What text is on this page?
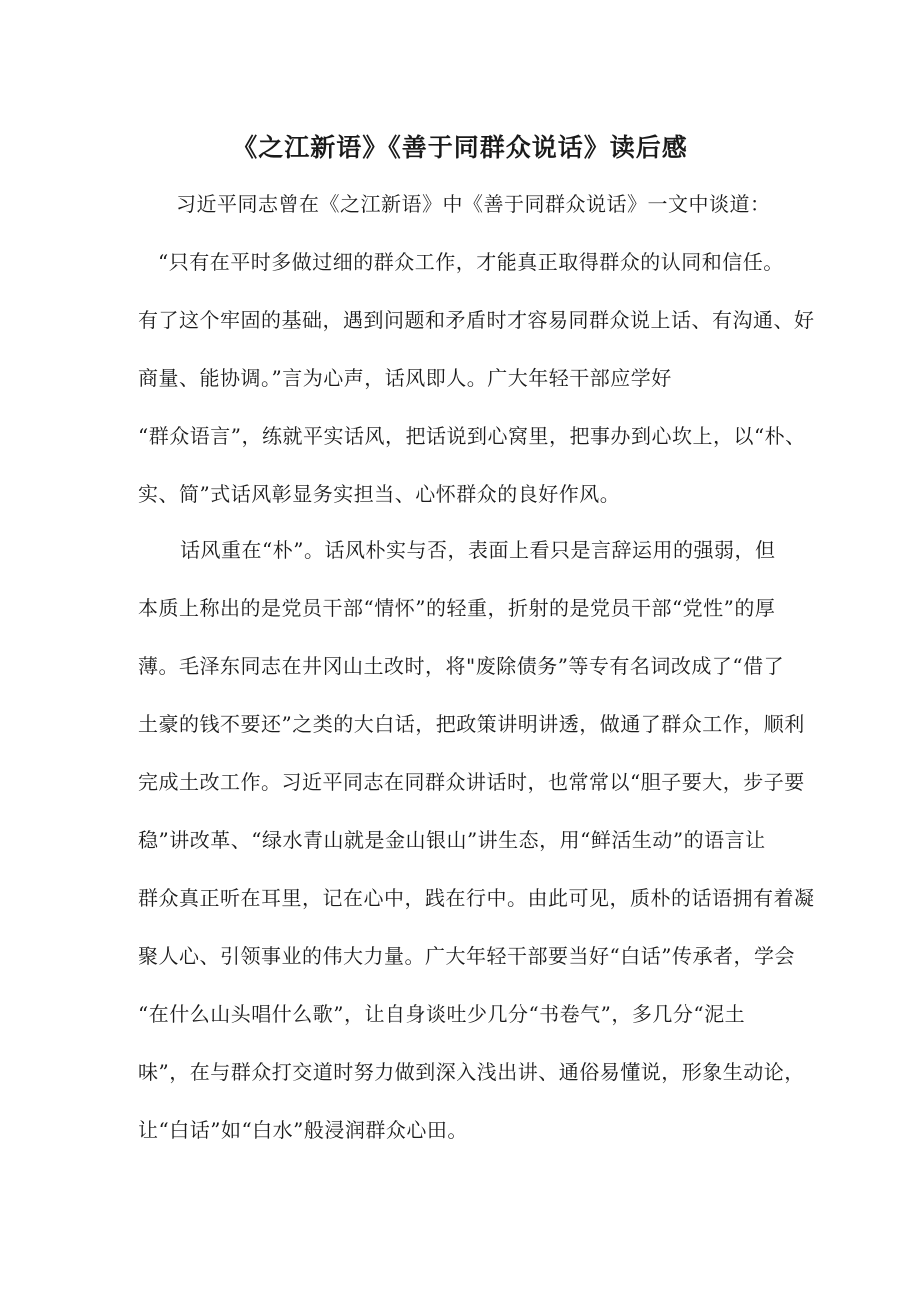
《之江新语》《善于同群众说话》读后感
习近平同志曾在《之江新语》中《善于同群众说话》一文中谈道：
“只有在平时多做过细的群众工作，才能真正取得群众的认同和信任。
有了这个牢固的基础，遇到问题和矛盾时才容易同群众说上话、有沟通、好
商量、能协调。”言为心声，话风即人。广大年轻干部应学好
“群众语言”，练就平实话风，把话说到心窝里，把事办到心坎上，以“朴、
实、简”式话风彰显务实担当、心怀群众的良好作风。
话风重在“朴”。话风朴实与否，表面上看只是言辞运用的强弱，但
本质上称出的是党员干部“情怀”的轻重，折射的是党员干部“党性”的厚
薄。毛泽东同志在井冈山土改时，将"废除债务”等专有名词改成了“借了
土豪的钱不要还”之类的大白话，把政策讲明讲透，做通了群众工作，顺利
完成土改工作。习近平同志在同群众讲话时，也常常以“胆子要大，步子要
稳”讲改革、“绿水青山就是金山银山”讲生态，用“鲜活生动”的语言让
群众真正听在耳里，记在心中，践在行中。由此可见，质朴的话语拥有着凝
聚人心、引领事业的伟大力量。广大年轻干部要当好“白话”传承者，学会
“在什么山头唱什么歌”，让自身谈吐少几分“书卷气”，多几分“泥土
味”，在与群众打交道时努力做到深入浅出讲、通俗易懂说，形象生动论，
让“白话”如“白水”般浸润群众心田。
